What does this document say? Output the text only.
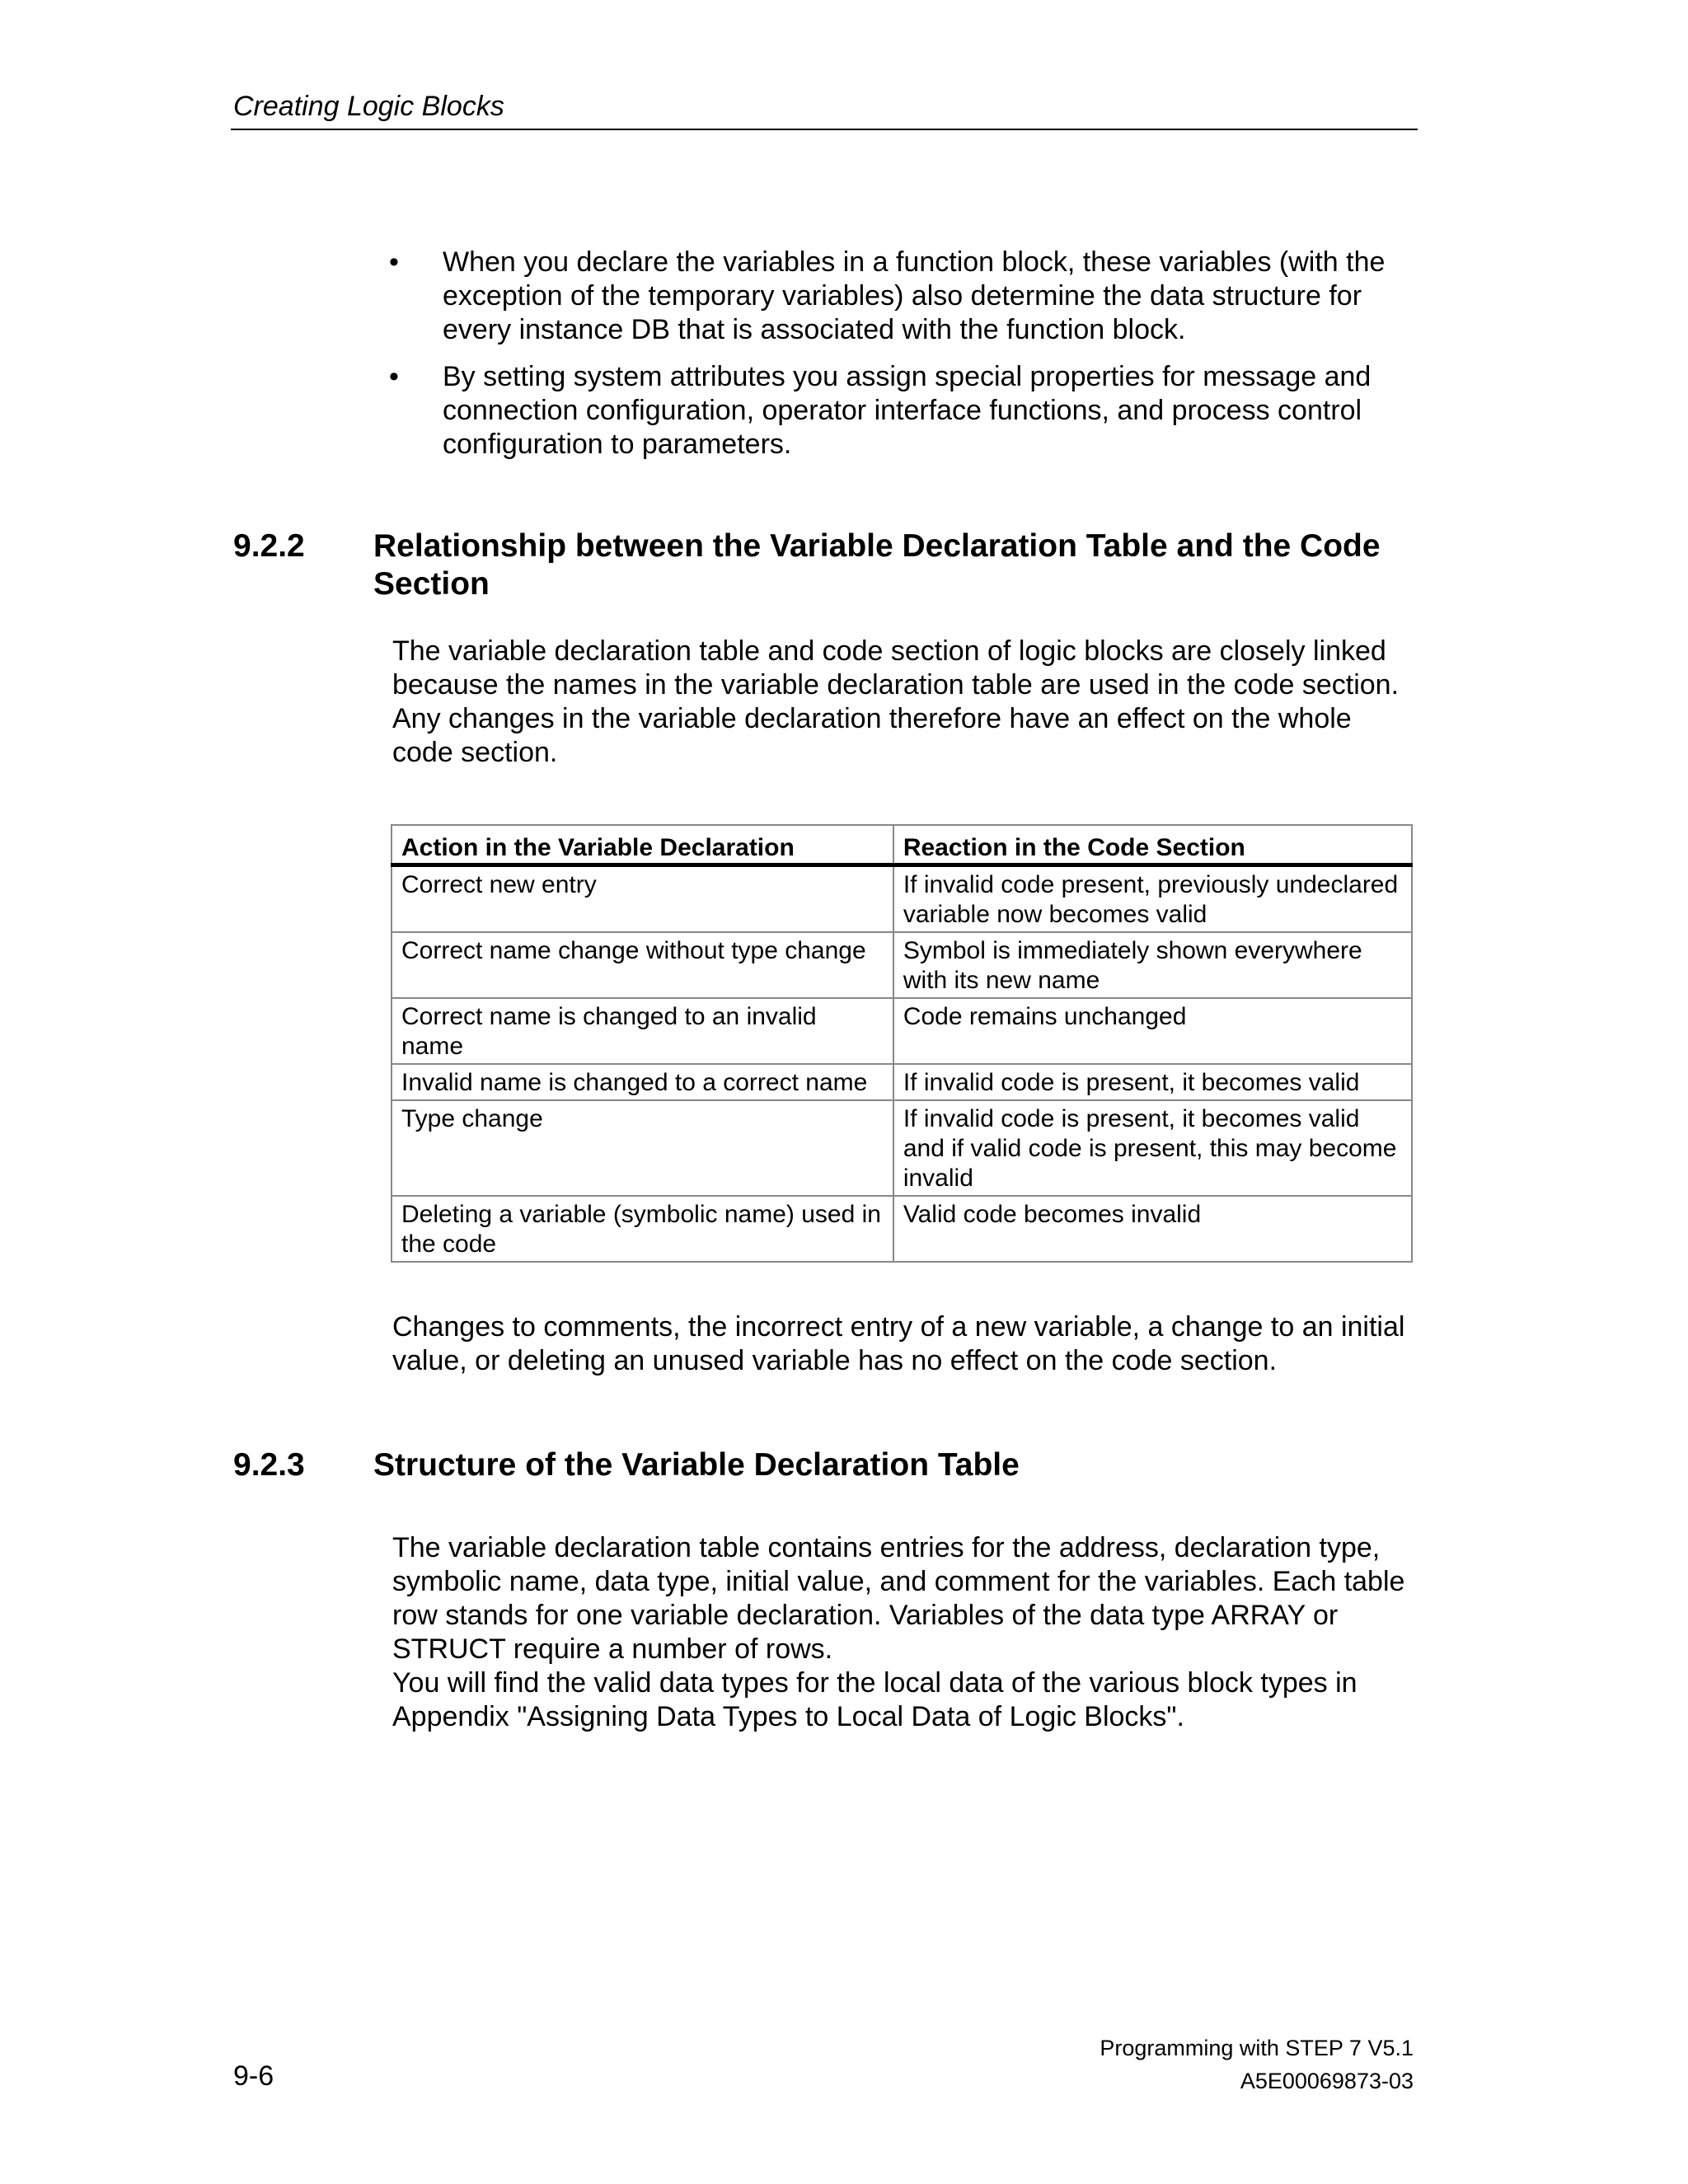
Creating Logic Blocks
• When you declare the variables in a function block, these variables (with the exception of the temporary variables) also determine the data structure for every instance DB that is associated with the function block.
• By setting system attributes you assign special properties for message and connection configuration, operator interface functions, and process control configuration to parameters.
9.2.2 Relationship between the Variable Declaration Table and the Code Section

The variable declaration table and code section of logic blocks are closely linked because the names in the variable declaration table are used in the code section. Any changes in the variable declaration therefore have an effect on the whole code section.

Action in the Variable Declaration	Reaction in the Code Section
Correct new entry	If invalid code present, previously undeclared variable now becomes valid
Correct name change without type change	Symbol is immediately shown everywhere with its new name
Correct name is changed to an invalid name	Code remains unchanged
Invalid name is changed to a correct name	If invalid code is present, it becomes valid
Type change	If invalid code is present, it becomes valid and if valid code is present, this may become invalid
Deleting a variable (symbolic name) used in the code	Valid code becomes invalid

Changes to comments, the incorrect entry of a new variable, a change to an initial value, or deleting an unused variable has no effect on the code section.

9.2.3 Structure of the Variable Declaration Table

The variable declaration table contains entries for the address, declaration type, symbolic name, data type, initial value, and comment for the variables. Each table row stands for one variable declaration. Variables of the data type ARRAY or STRUCT require a number of rows.

You will find the valid data types for the local data of the various block types in Appendix "Assigning Data Types to Local Data of Logic Blocks".

Programming with STEP 7 V5.1
A5E00069873-03
9-6
